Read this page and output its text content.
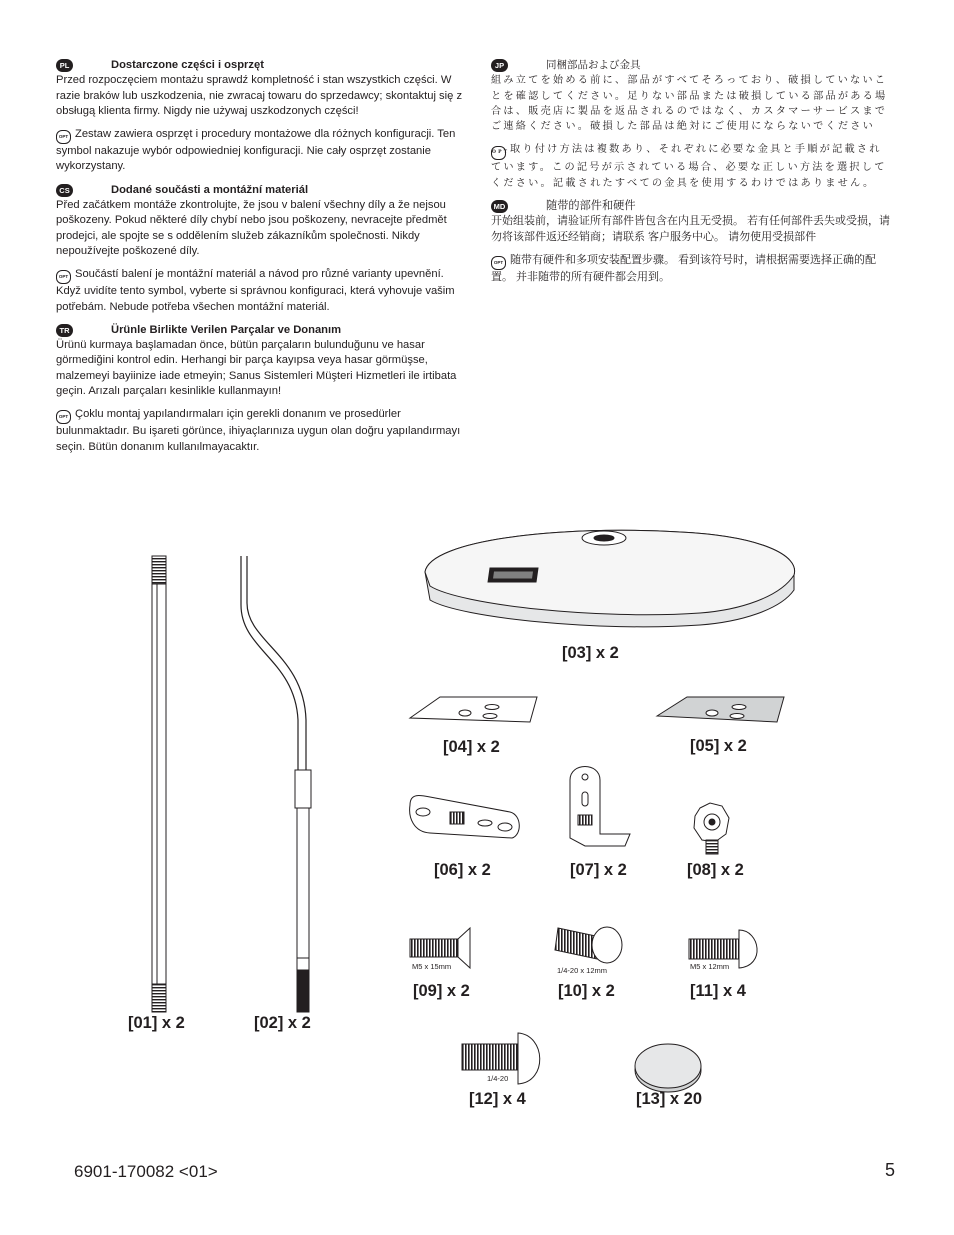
PL	Dostarczone części i osprzęt
Przed rozpoczęciem montażu sprawdź kompletność i stan wszystkich części. W razie braków lub uszkodzenia, nie zwracaj towaru do sprzedawcy; skontaktuj się z obsługą klienta firmy. Nigdy nie używaj uszkodzonych części!
OPT Zestaw zawiera osprzęt i procedury montażowe dla różnych konfiguracji. Ten symbol nakazuje wybór odpowiedniej konfiguracji. Nie cały osprzęt zostanie wykorzystany.
CS	Dodané součásti a montážní materiál
Před začátkem montáže zkontrolujte, že jsou v balení všechny díly a že nejsou poškozeny. Pokud některé díly chybí nebo jsou poškozeny, nevracejte předmět prodejci, ale spojte se s oddělením služeb zákazníkům společnosti. Nikdy nepoužívejte poškozené díly.
OPT Součástí balení je montážní materiál a návod pro různé varianty upevnění. Když uvidíte tento symbol, vyberte si správnou konfiguraci, která vyhovuje vašim potřebám. Nebude potřeba všechen montážní materiál.
TR	Ürünle Birlikte Verilen Parçalar ve Donanım
Ürünü kurmaya başlamadan önce, bütün parçaların bulunduğunu ve hasar görmediğini kontrol edin. Herhangi bir parça kayıpsa veya hasar görmüşse, malzemeyi bayiinize iade etmeyin; Sanus Sistemleri Müşteri Hizmetleri ile irtibata geçin. Arızalı parçaları kesinlikle kullanmayın!
OPT Çoklu montaj yapılandırmaları için gerekli donanım ve prosedürler bulunmaktadır. Bu işareti görünce, ihiyaçlarınıza uygun olan doğru yapılandırmayı seçin. Bütün donanım kullanılmayacaktır.
JP	同梱部品および金具
組み立てを始める前に、部品がすべてそろっており、破損していないことを確認してください。足りない部品または破損している部品がある場合は、販売店に製品を返品されるのではなく、カスタマーサービスまでご連絡ください。破損した部品は絶対にご使用にならないでください
OPT取り付け方法は複数あり、それぞれに必要な金具と手順が記載されています。この記号が示されている場合、必要な正しい方法を選択してください。記載されたすべての金具を使用するわけではありません。
MD	随带的部件和硬件
开始组装前，请验证所有部件皆包含在内且无受损。 若有任何部件丢失或受损，请勿将该部件返还经销商；请联系 客户服务中心。 请勿使用受损部件
OPT 随带有硬件和多项安装配置步骤。 看到该符号时，请根据需要选择正确的配置。 并非随带的所有硬件都会用到。
[01] x 2	[02] x 2
[03] x 2
[04] x 2	[05] x 2
[06] x 2	[07] x 2	[08] x 2
M5 x 15mm
[09] x 2
1/4-20 x 12mm
[10] x 2
M5 x 12mm
[11] x 4
1/4-20
[12] x 4	[13] x 20
6901-170082 <01>	5
